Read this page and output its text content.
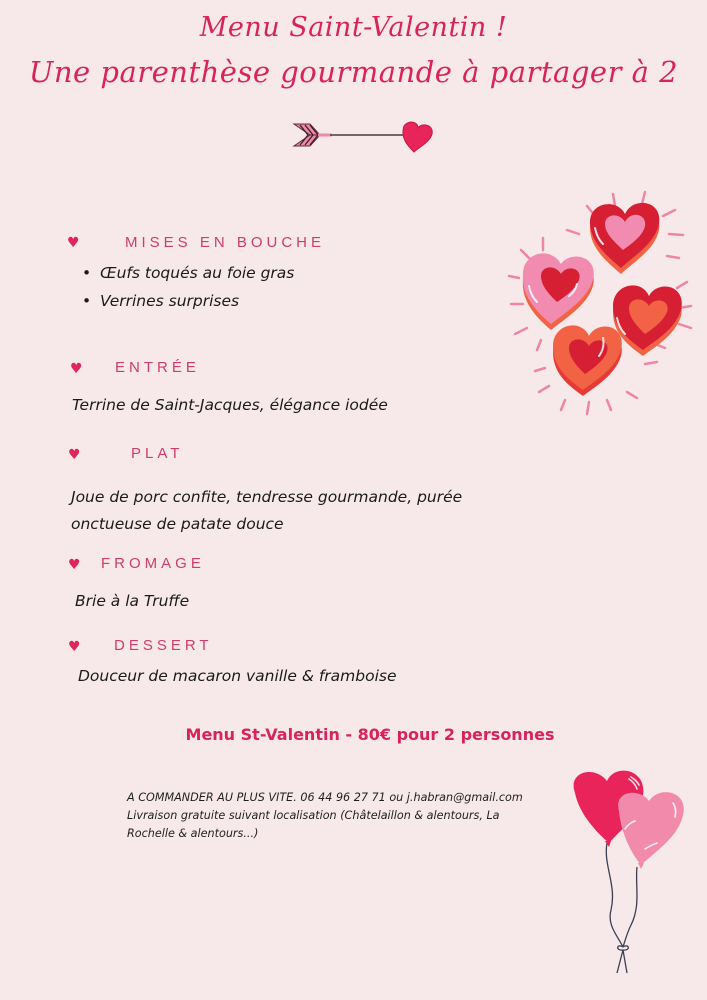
Menu Saint-Valentin !
Une parenthèse gourmande à partager à 2
♥	MISES EN BOUCHE
• Œufs toqués au foie gras
• Verrines surprises
♥ ENTRÉE
Terrine de Saint-Jacques, élégance iodée
♥	PLAT
Joue de porc confite, tendresse gourmande, purée
onctueuse de patate douce
♥ FROMAGE
Brie à la Truffe
♥ DESSERT
Douceur de macaron vanille & framboise
Menu St-Valentin - 80€ pour 2 personnes
A COMMANDER AU PLUS VITE. 06 44 96 27 71 ou j.habran@gmail.com
Livraison gratuite suivant localisation (Châtelaillon & alentours, La
Rochelle & alentours...)
